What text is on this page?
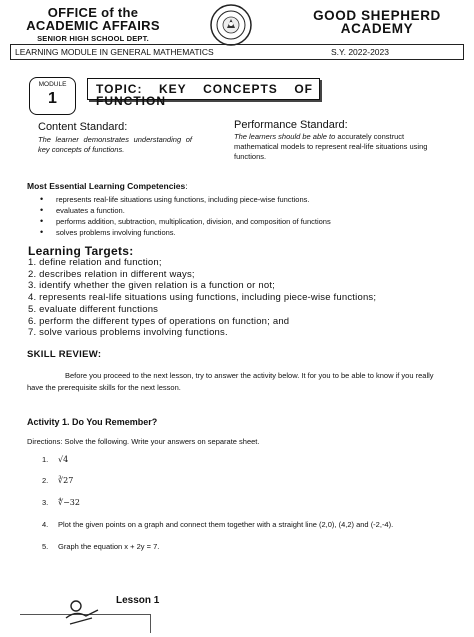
OFFICE of the
ACADEMIC AFFAIRS
SENIOR HIGH SCHOOL DEPT.
GOOD SHEPHERD
ACADEMY
LEARNING MODULE IN GENERAL MATHEMATICS	S.Y. 2022-2023
MODULE
1
TOPIC: KEY CONCEPTS OF
FUNCTION
Content Standard:
The learner demonstrates understanding of key concepts of functions.
Performance Standard:
The learners should be able to accurately construct mathematical models to represent real-life situations using functions.
Most Essential Learning Competencies:
• represents real-life situations using functions, including piece-wise functions.
• evaluates a function.
• performs addition, subtraction, multiplication, division, and composition of functions
• solves problems involving functions.
Learning Targets:
1. define relation and function;
2. describes relation in different ways;
3. identify whether the given relation is a function or not;
4. represents real-life situations using functions, including piece-wise functions;
5. evaluate different functions
6. perform the different types of operations on function; and
7. solve various problems involving functions.
SKILL REVIEW:
Before you proceed to the next lesson, try to answer the activity below. It for you to be able to know if you really have the prerequisite skills for the next lesson.
Activity 1. Do You Remember?
Directions: Solve the following. Write your answers on separate sheet.
1. √4
2. ∛27
3. ∜−32
4. Plot the given points on a graph and connect them together with a straight line (2,0), (4,2) and (-2,-4).
5. Graph the equation x + 2y = 7.
Lesson 1
